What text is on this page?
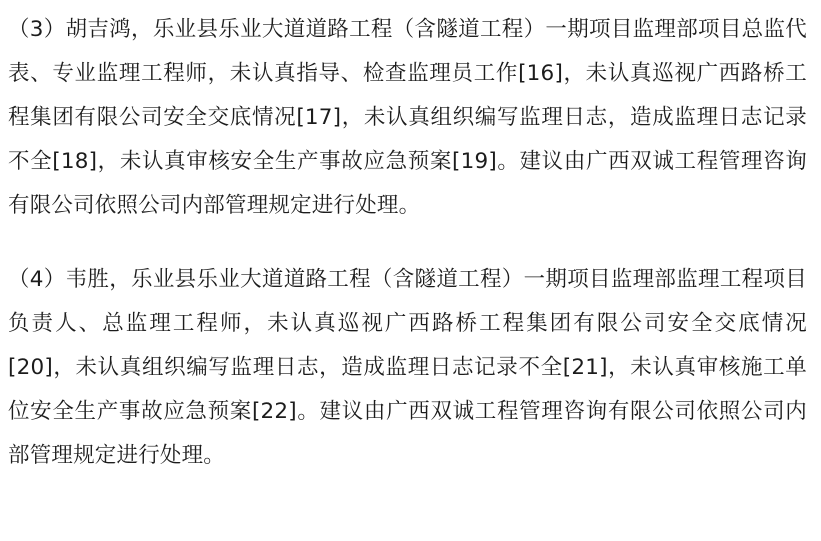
（3）胡吉鸿，乐业县乐业大道道路工程（含隧道工程）一期项目监理部项目总监代表、专业监理工程师，未认真指导、检查监理员工作[16]，未认真巡视广西路桥工程集团有限公司安全交底情况[17]，未认真组织编写监理日志，造成监理日志记录不全[18]，未认真审核安全生产事故应急预案[19]。建议由广西双诚工程管理咨询有限公司依照公司内部管理规定进行处理。

（4）韦胜，乐业县乐业大道道路工程（含隧道工程）一期项目监理部监理工程项目负责人、总监理工程师，未认真巡视广西路桥工程集团有限公司安全交底情况[20]，未认真组织编写监理日志，造成监理日志记录不全[21]，未认真审核施工单位安全生产事故应急预案[22]。建议由广西双诚工程管理咨询有限公司依照公司内部管理规定进行处理。
